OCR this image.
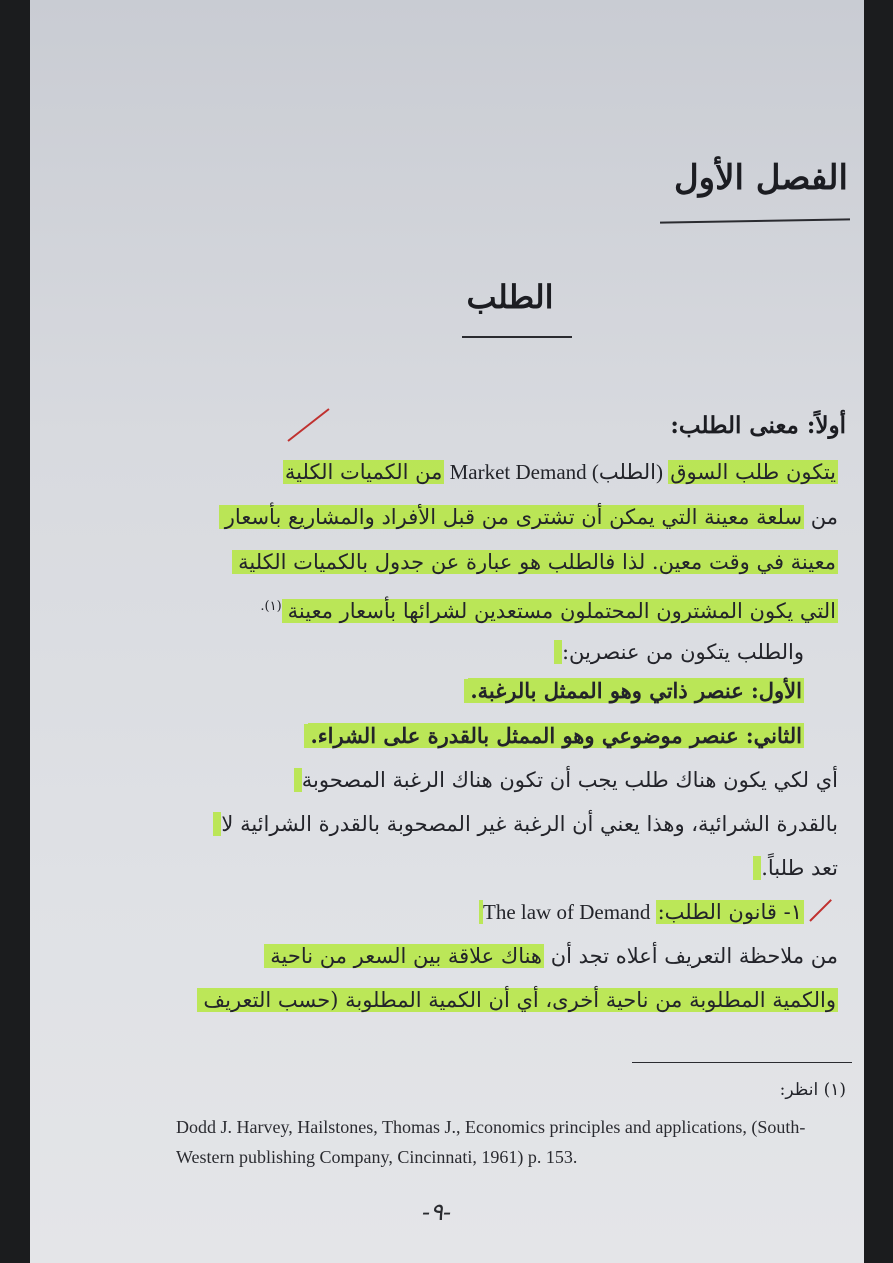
الفصل الأول
الطلب
أولاً: معنى الطلب:
يتكون طلب السوق (الطلب) Market Demand من الكميات الكلية
من سلعة معينة التي يمكن أن تشترى من قبل الأفراد والمشاريع بأسعار
معينة في وقت معين. لذا فالطلب هو عبارة عن جدول بالكميات الكلية
التي يكون المشترون المحتملون مستعدين لشرائها بأسعار معينة$^{(١).}$
والطلب يتكون من عنصرين:
الأول: عنصر ذاتي وهو الممثل بالرغبة.
الثاني: عنصر موضوعي وهو الممثل بالقدرة على الشراء.
أي لكي يكون هناك طلب يجب أن تكون هناك الرغبة المصحوبة
بالقدرة الشرائية، وهذا يعني أن الرغبة غير المصحوبة بالقدرة الشرائية لا
تعد طلباً.
١- قانون الطلب: The law of Demand
من ملاحظة التعريف أعلاه تجد أن هناك علاقة بين السعر من ناحية
والكمية المطلوبة من ناحية أخرى، أي أن الكمية المطلوبة (حسب التعريف
(١) انظر:
Dodd J. Harvey, Hailstones, Thomas J., Economics principles and applications, (South- Western publishing Company, Cincinnati, 1961) p. 153.
-٩-
